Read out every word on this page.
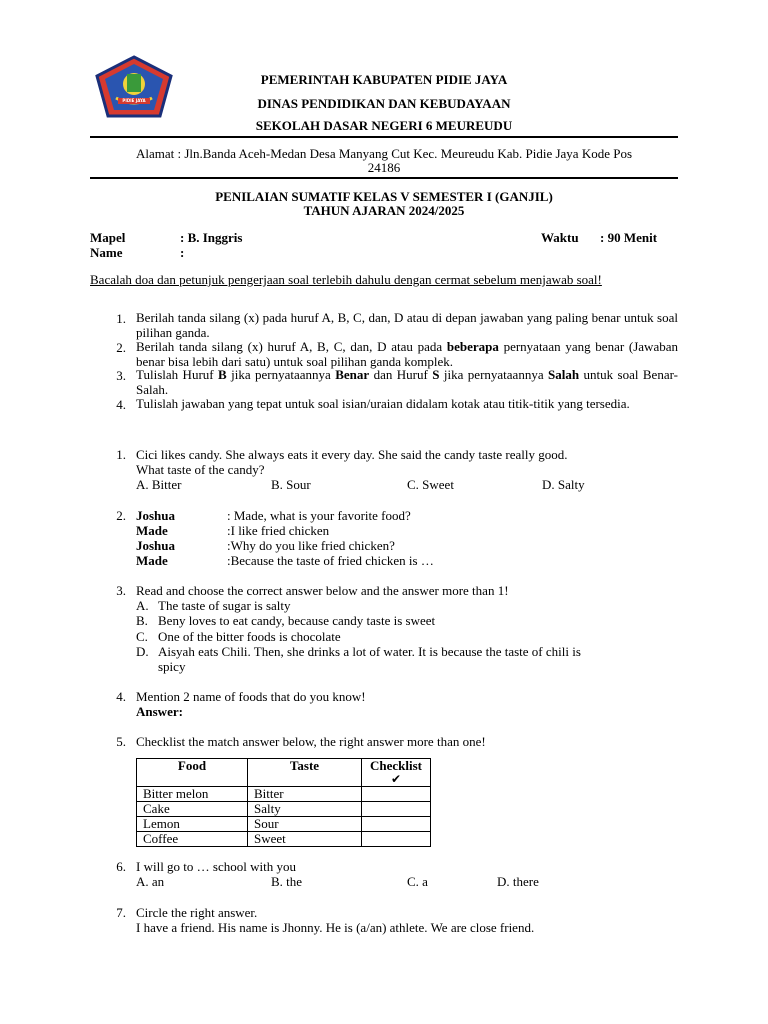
PIDIE JAYA
PEMERINTAH KABUPATEN PIDIE JAYA
DINAS PENDIDIKAN DAN KEBUDAYAAN
SEKOLAH DASAR NEGERI 6 MEUREUDU
Alamat : Jln.Banda Aceh-Medan Desa Manyang Cut Kec. Meureudu Kab. Pidie Jaya Kode Pos
24186
PENILAIAN SUMATIF KELAS V SEMESTER I (GANJIL)
TAHUN AJARAN 2024/2025
Mapel	: B. Inggris
Name	:
Waktu : 90 Menit
Bacalah doa dan petunjuk pengerjaan soal terlebih dahulu dengan cermat sebelum menjawab soal!
1. Berilah tanda silang (x) pada huruf A, B, C, dan, D atau di depan jawaban yang paling benar untuk soal pilihan ganda.
2. Berilah tanda silang (x) huruf A, B, C, dan, D atau pada beberapa pernyataan yang benar (Jawaban benar bisa lebih dari satu) untuk soal pilihan ganda komplek.
3. Tulislah Huruf B jika pernyataannya Benar dan Huruf S jika pernyataannya Salah untuk soal Benar-Salah.
4. Tulislah jawaban yang tepat untuk soal isian/uraian didalam kotak atau titik-titik yang tersedia.
1. Cici likes candy. She always eats it every day. She said the candy taste really good.
What taste of the candy?
A. Bitter	B. Sour	C. Sweet	D. Salty
2. Joshua	: Made, what is your favorite food?
Made	:I like fried chicken
Joshua	:Why do you like fried chicken?
Made	:Because the taste of fried chicken is …
3. Read and choose the correct answer below and the answer more than 1!
A. The taste of sugar is salty
B. Beny loves to eat candy, because candy taste is sweet
C. One of the bitter foods is chocolate
D. Aisyah eats Chili. Then, she drinks a lot of water. It is because the taste of chili is
spicy
4. Mention 2 name of foods that do you know!
Answer:
5. Checklist the match answer below, the right answer more than one!
Food	Taste	Checklist
✔

Bitter melon	Bitter	
Cake	Salty	
Lemon	Sour	
Coffee	Sweet	
6. I will go to … school with you
A. an	B. the	C. a	D. there
7. Circle the right answer.
I have a friend. His name is Jhonny. He is (a/an) athlete. We are close friend.
